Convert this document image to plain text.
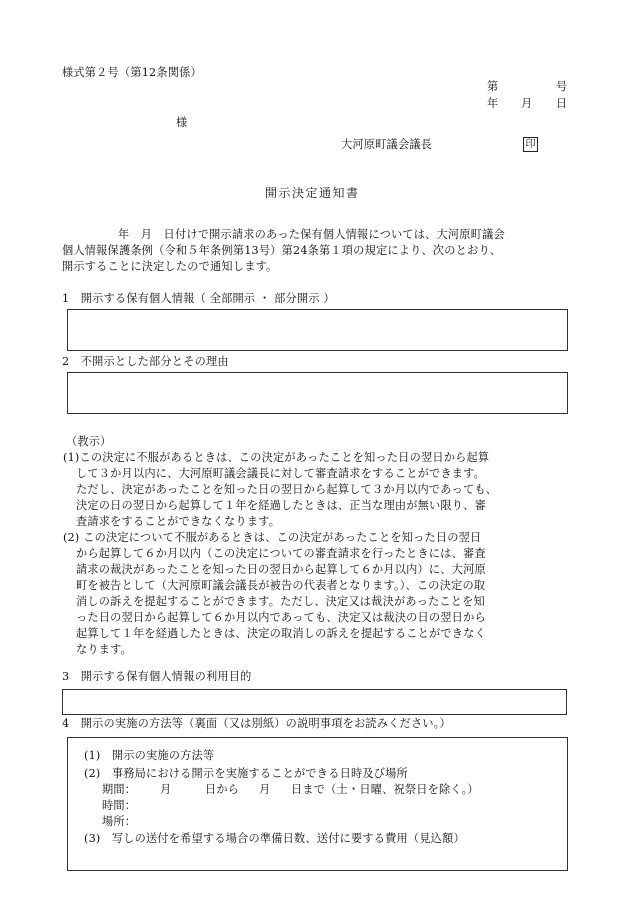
様式第２号（第12条関係）
第	号
年 月 日
様
大河原町議会議長	印
開示決定通知書
年　月　日付けで開示請求のあった保有個人情報については、大河原町議会
個人情報保護条例（令和５年条例第13号）第24条第１項の規定により、次のとおり、
開示することに決定したので通知します。
1　開示する保有個人情報（ 全部開示 ・ 部分開示 ）
2　不開示とした部分とその理由
（教示）
(1)この決定に不服があるときは、この決定があったことを知った日の翌日から起算
して３か月以内に、大河原町議会議長に対して審査請求をすることができます。
ただし、決定があったことを知った日の翌日から起算して３か月以内であっても、
決定の日の翌日から起算して１年を経過したときは、正当な理由が無い限り、審
査請求をすることができなくなります。
(2) この決定について不服があるときは、この決定があったことを知った日の翌日
から起算して６か月以内（この決定についての審査請求を行ったときには、審査
請求の裁決があったことを知った日の翌日から起算して６か月以内）に、大河原
町を被告として（大河原町議会議長が被告の代表者となります。）、この決定の取
消しの訴えを提起することができます。ただし、決定又は裁決があったことを知
った日の翌日から起算して６か月以内であっても、決定又は裁決の日の翌日から
起算して１年を経過したときは、決定の取消しの訴えを提起することができなく
なります。
3　開示する保有個人情報の利用目的
4　開示の実施の方法等（裏面（又は別紙）の説明事項をお読みください。）
(1)　開示の実施の方法等
(2)　事務局における開示を実施することができる日時及び場所
期間： 月	日から 月 日まで（土・日曜、祝祭日を除く。）
時間：
場所：
(3)　写しの送付を希望する場合の準備日数、送付に要する費用（見込額）
